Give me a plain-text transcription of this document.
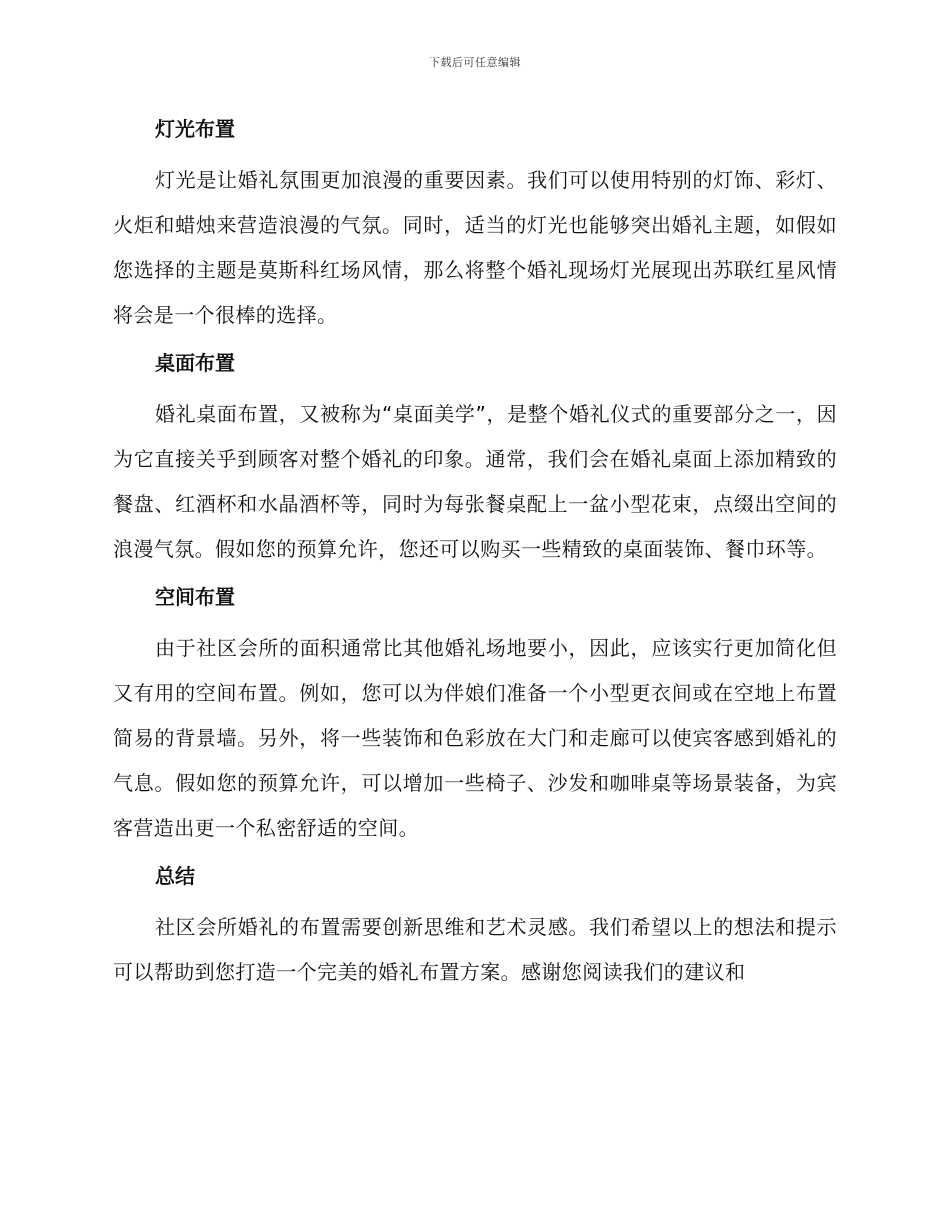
下载后可任意编辑
灯光布置

灯光是让婚礼氛围更加浪漫的重要因素。我们可以使用特别的灯饰、彩灯、火炬和蜡烛来营造浪漫的气氛。同时，适当的灯光也能够突出婚礼主题，如假如您选择的主题是莫斯科红场风情，那么将整个婚礼现场灯光展现出苏联红星风情将会是一个很棒的选择。

桌面布置

婚礼桌面布置，又被称为“桌面美学”，是整个婚礼仪式的重要部分之一，因为它直接关乎到顾客对整个婚礼的印象。通常，我们会在婚礼桌面上添加精致的餐盘、红酒杯和水晶酒杯等，同时为每张餐桌配上一盆小型花束，点缀出空间的浪漫气氛。假如您的预算允许，您还可以购买一些精致的桌面装饰、餐巾环等。

空间布置

由于社区会所的面积通常比其他婚礼场地要小，因此，应该实行更加简化但又有用的空间布置。例如，您可以为伴娘们准备一个小型更衣间或在空地上布置简易的背景墙。另外，将一些装饰和色彩放在大门和走廊可以使宾客感到婚礼的气息。假如您的预算允许，可以增加一些椅子、沙发和咖啡桌等场景装备，为宾客营造出更一个私密舒适的空间。

总结

社区会所婚礼的布置需要创新思维和艺术灵感。我们希望以上的想法和提示可以帮助到您打造一个完美的婚礼布置方案。感谢您阅读我们的建议和
